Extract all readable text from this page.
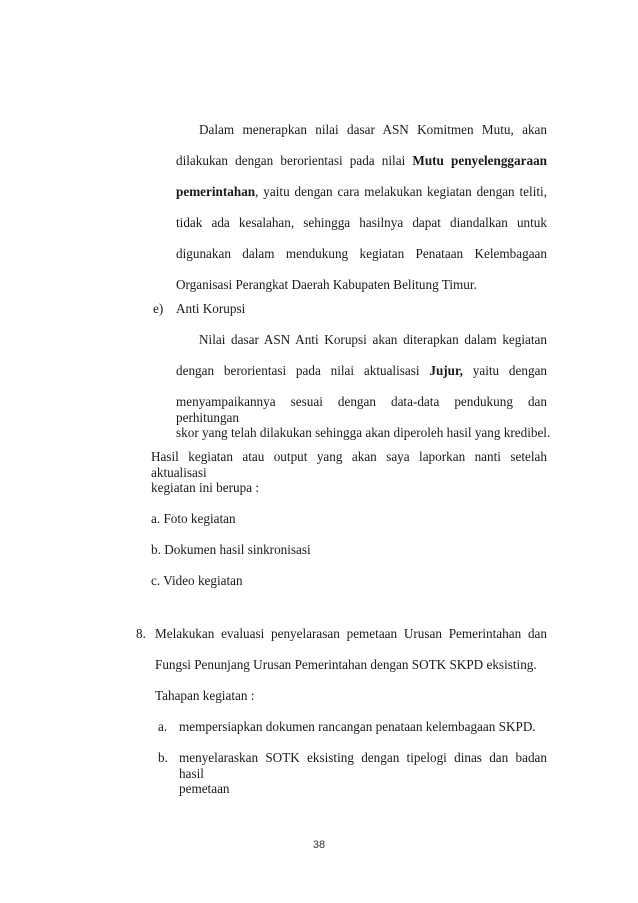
Dalam menerapkan nilai dasar ASN Komitmen Mutu, akan
dilakukan dengan berorientasi pada nilai Mutu penyelenggaraan
pemerintahan, yaitu dengan cara melakukan kegiatan dengan teliti,
tidak ada kesalahan, sehingga hasilnya dapat diandalkan untuk
digunakan dalam mendukung kegiatan Penataan Kelembagaan
Organisasi Perangkat Daerah Kabupaten Belitung Timur.
e) Anti Korupsi
Nilai dasar ASN Anti Korupsi akan diterapkan dalam kegiatan
dengan berorientasi pada nilai aktualisasi Jujur, yaitu dengan
menyampaikannya sesuai dengan data-data pendukung dan perhitungan
skor yang telah dilakukan sehingga akan diperoleh hasil yang kredibel.
Hasil kegiatan atau output yang akan saya laporkan nanti setelah aktualisasi
kegiatan ini berupa :
a. Foto kegiatan
b. Dokumen hasil sinkronisasi
c. Video kegiatan
8. Melakukan evaluasi penyelarasan pemetaan Urusan Pemerintahan dan
Fungsi Penunjang Urusan Pemerintahan dengan SOTK SKPD eksisting.
Tahapan kegiatan :
a. mempersiapkan dokumen rancangan penataan kelembagaan SKPD.
b. menyelaraskan SOTK eksisting dengan tipelogi dinas dan badan hasil
pemetaan
38
